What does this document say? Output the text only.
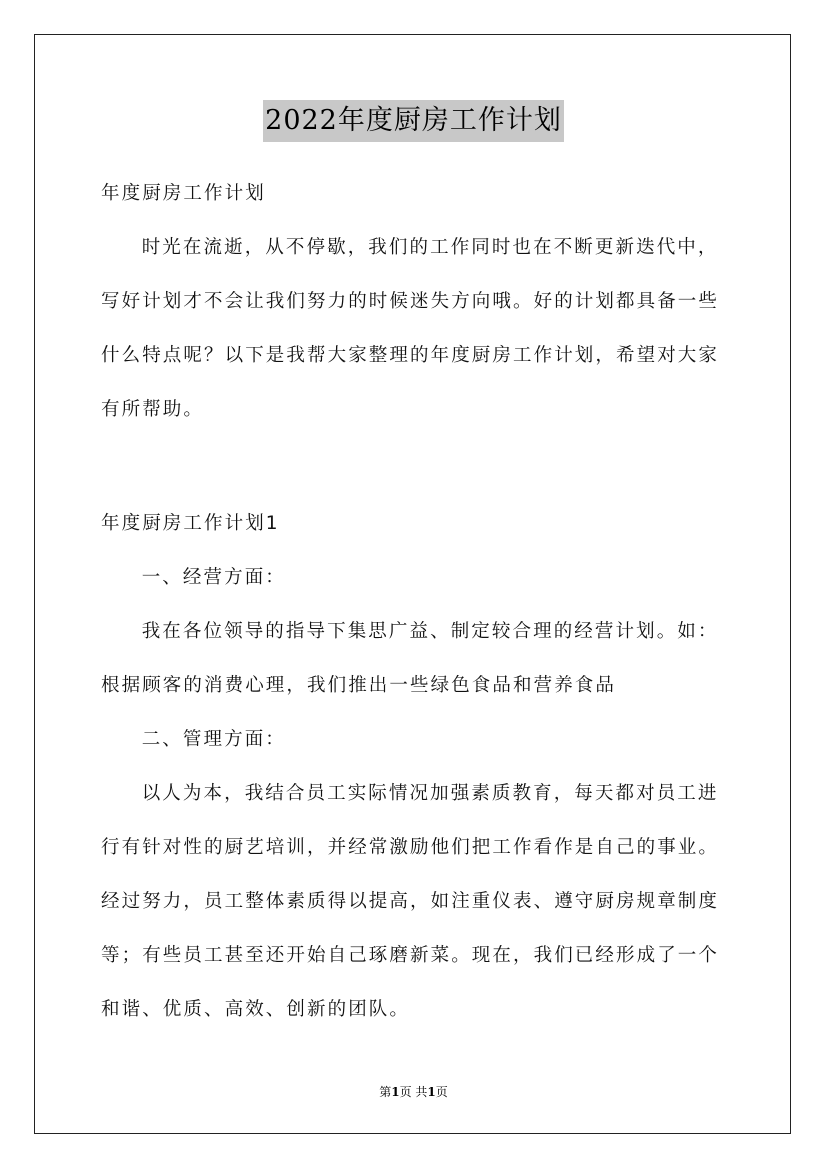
2022年度厨房工作计划

年度厨房工作计划

时光在流逝，从不停歇，我们的工作同时也在不断更新迭代中，写好计划才不会让我们努力的时候迷失方向哦。好的计划都具备一些什么特点呢？以下是我帮大家整理的年度厨房工作计划，希望对大家有所帮助。

年度厨房工作计划1

一、经营方面：

我在各位领导的指导下集思广益、制定较合理的经营计划。如：根据顾客的消费心理，我们推出一些绿色食品和营养食品

二、管理方面：

以人为本，我结合员工实际情况加强素质教育，每天都对员工进行有针对性的厨艺培训，并经常激励他们把工作看作是自己的事业。经过努力，员工整体素质得以提高，如注重仪表、遵守厨房规章制度等；有些员工甚至还开始自己琢磨新菜。现在，我们已经形成了一个和谐、优质、高效、创新的团队。

第1页 共1页
